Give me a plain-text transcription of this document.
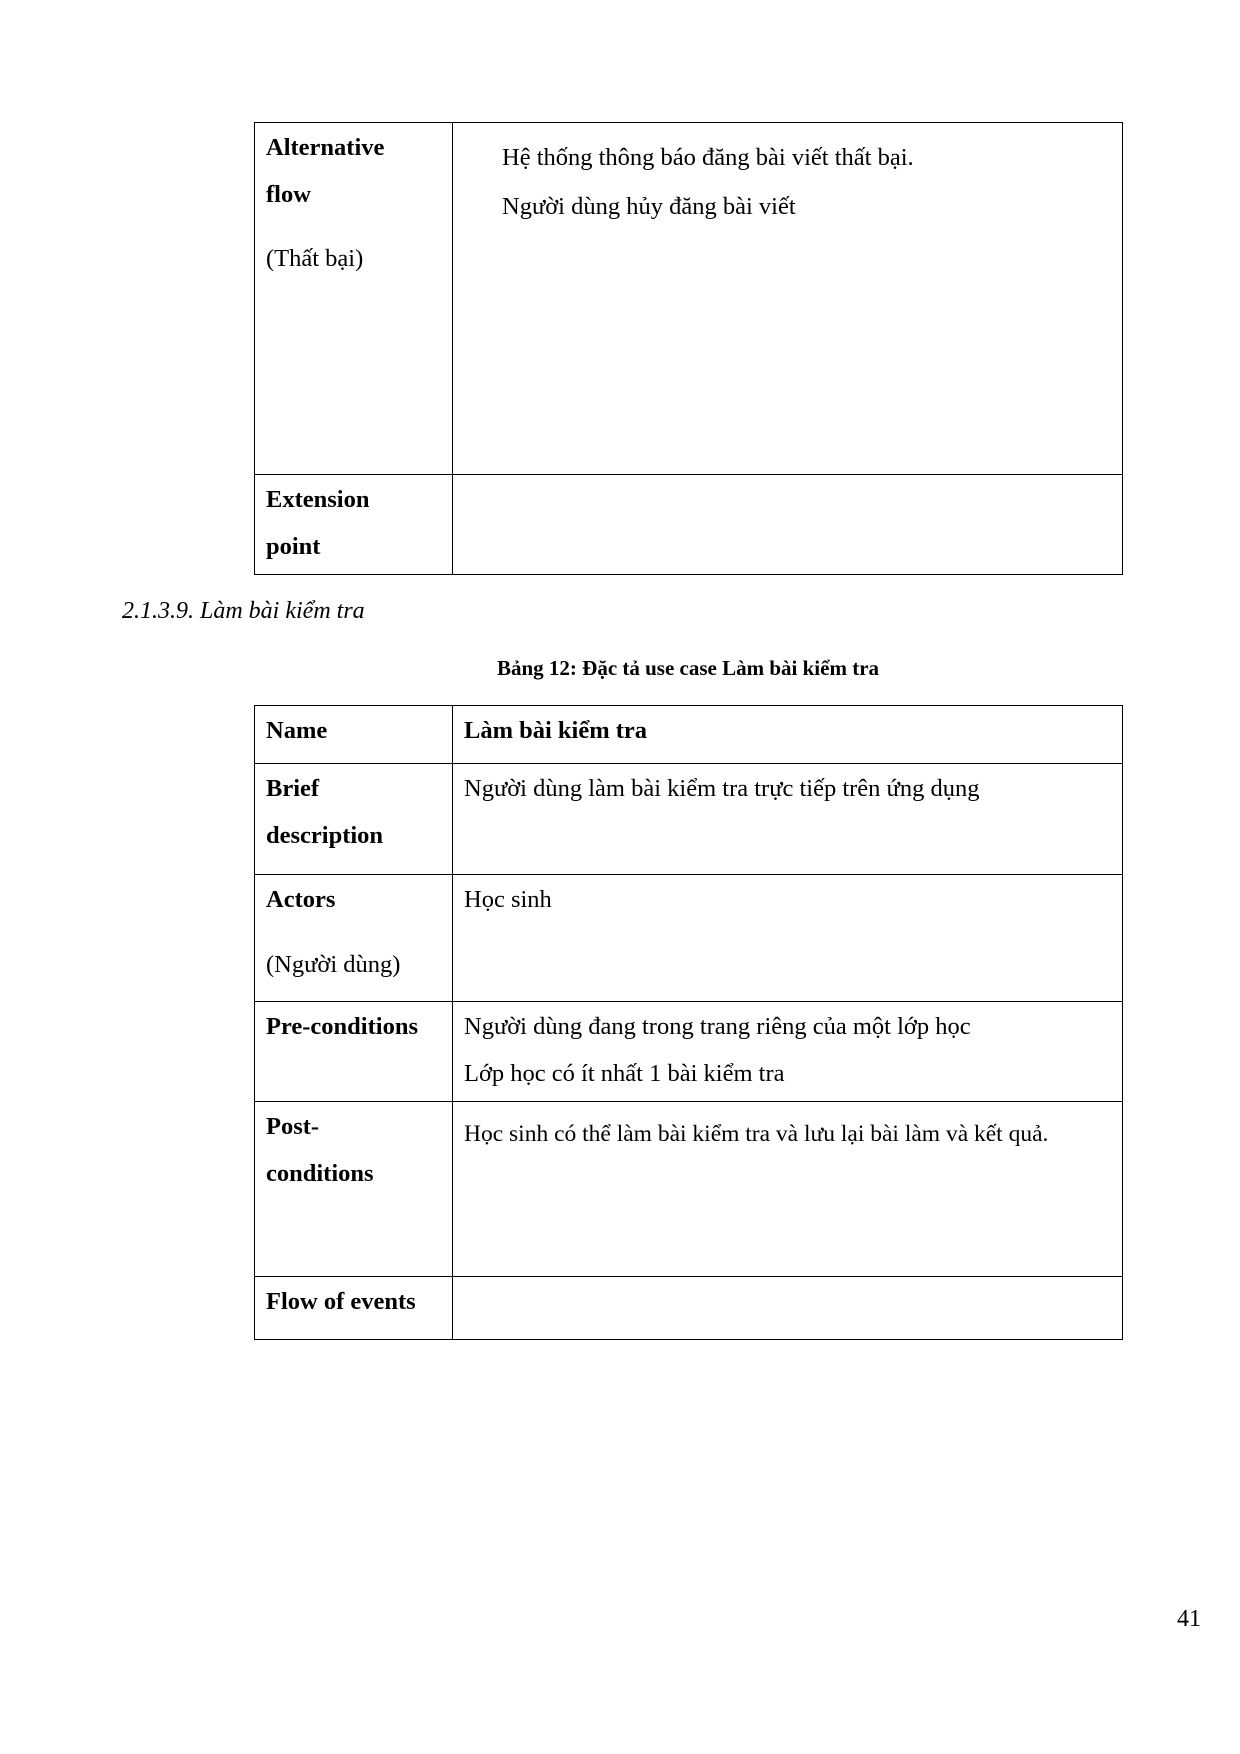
Alternative
flow
(Thất bại)	Hệ thống thông báo đăng bài viết thất bại.
Người dùng hủy đăng bài viết

Extension
point	

2.1.3.9. Làm bài kiểm tra
Bảng 12: Đặc tả use case Làm bài kiểm tra
Name	Làm bài kiểm tra

Brief
description	Người dùng làm bài kiểm tra trực tiếp trên ứng dụng

Actors
(Người dùng)	Học sinh
Pre-conditions	Người dùng đang trong trang riêng của một lớp học
Lớp học có ít nhất 1 bài kiểm tra

Post-
conditions	Học sinh có thể làm bài kiểm tra và lưu lại bài làm và kết quả.
Flow of events	
41
